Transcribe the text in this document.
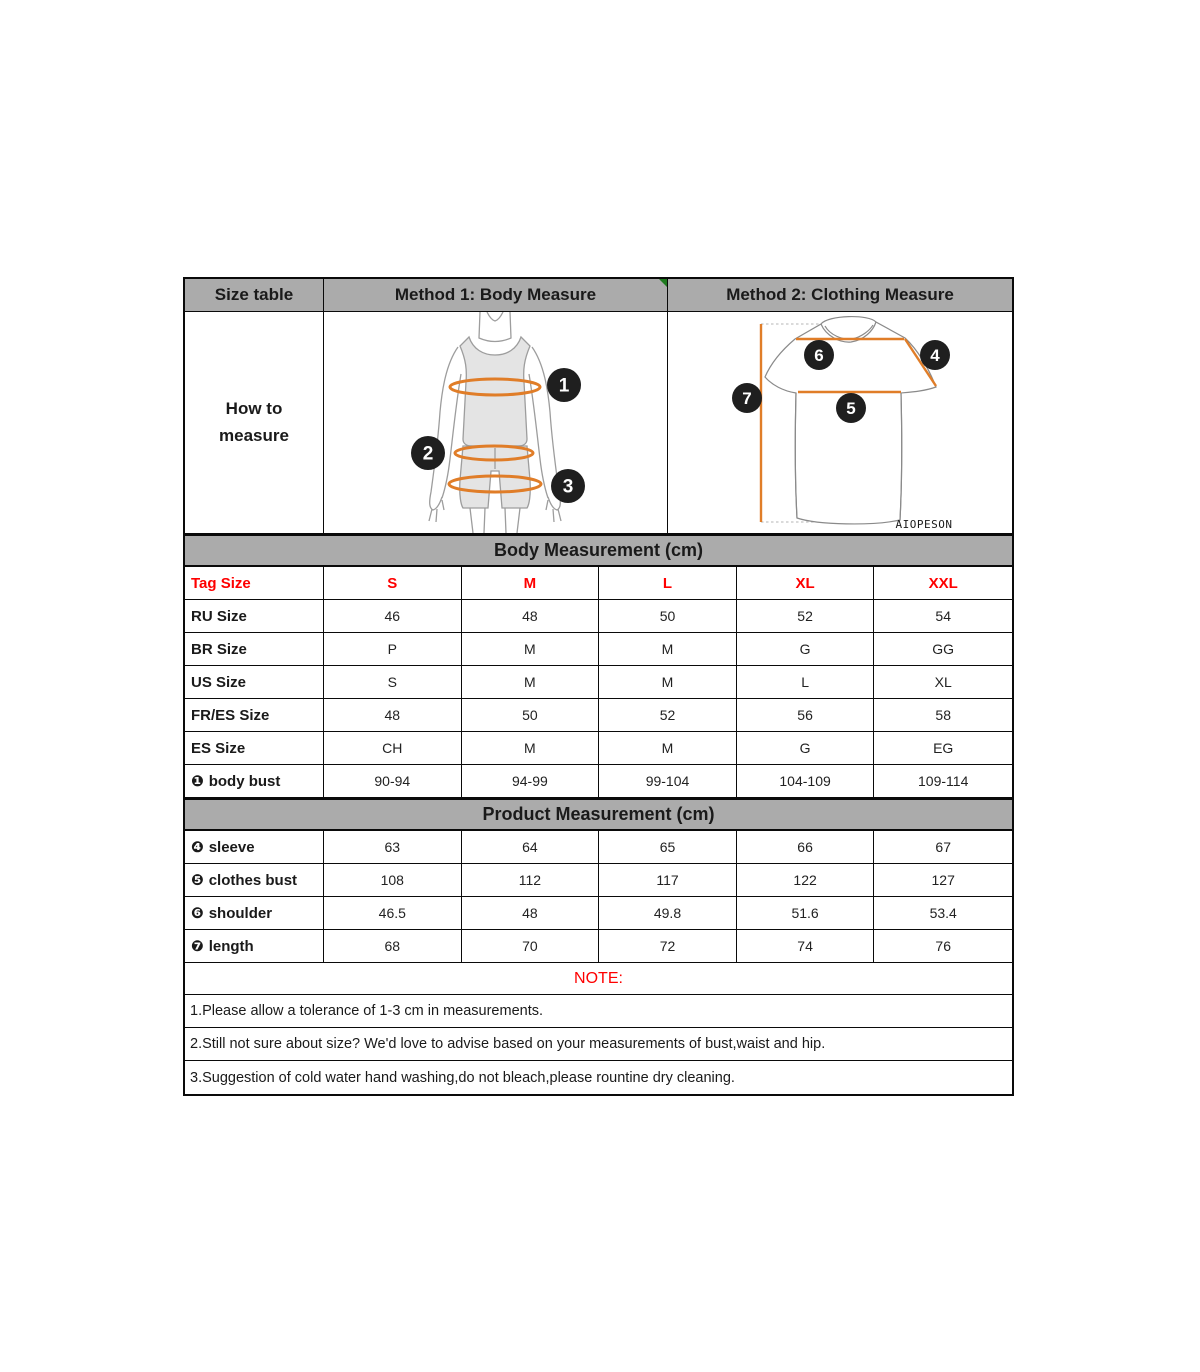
Size table	Method 1: Body Measure	Method 2: Clothing Measure
How to
measure
1
2
3
6	4
7
5
AIOPESON
Body Measurement (cm)
Tag Size	S	M	L	XL	XXL
RU Size	46	48	50	52	54
BR Size	P	M	M	G	GG
US Size	S	M	M	L	XL
FR/ES Size	48	50	52	56	58
ES Size	CH	M	M	G	EG
❶ body bust	90-94	94-99	99-104	104-109	109-114
Product Measurement (cm)
❹ sleeve	63	64	65	66	67
❺ clothes bust	108	112	117	122	127
❻ shoulder	46.5	48	49.8	51.6	53.4
❼ length	68	70	72	74	76
NOTE:
1.Please allow a tolerance of 1-3 cm in measurements.
2.Still not sure about size? We'd love to advise based on your measurements of bust,waist and hip.
3.Suggestion of cold water hand washing,do not bleach,please rountine dry cleaning.
